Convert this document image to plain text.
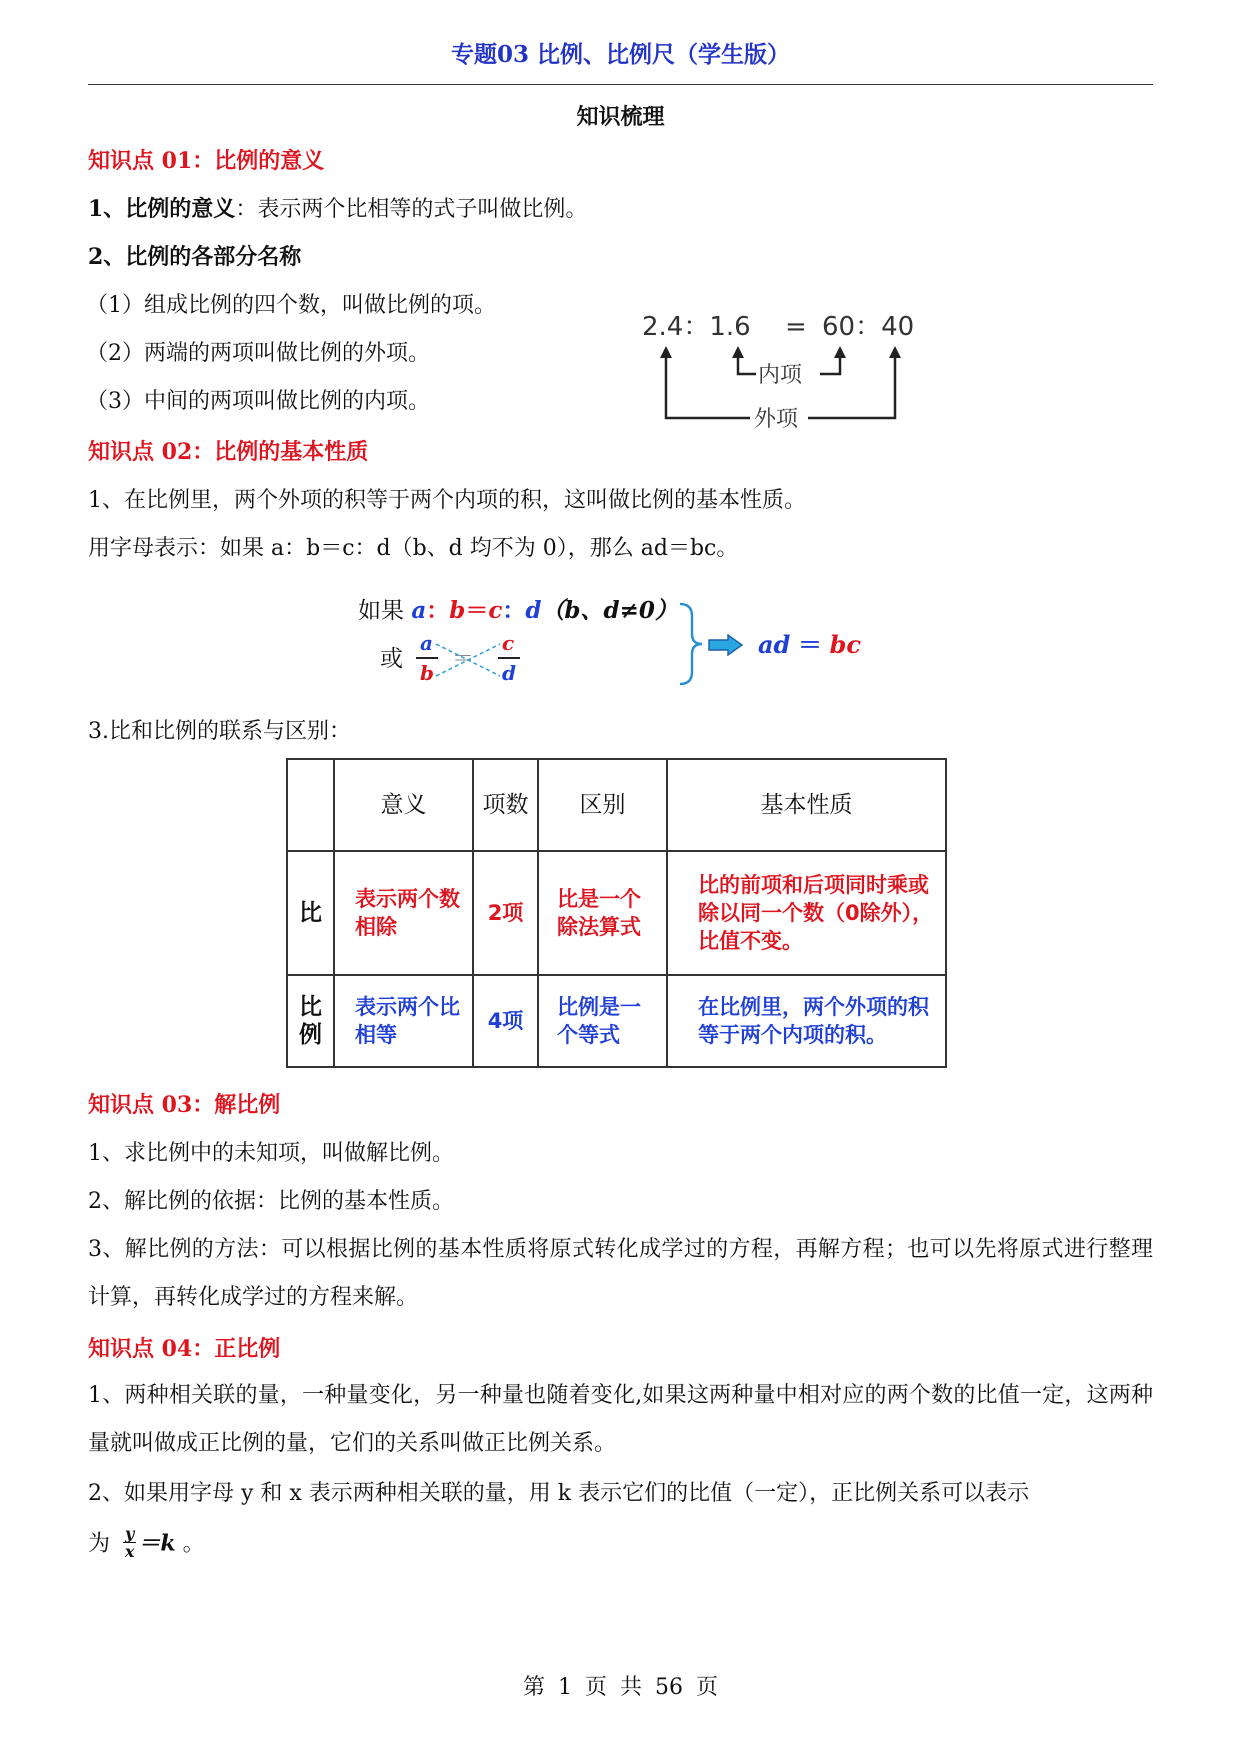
专题03 比例、比例尺（学生版）
知识梳理
知识点 01：比例的意义
1、比例的意义：表示两个比相等的式子叫做比例。
2、比例的各部分名称
（1）组成比例的四个数，叫做比例的项。
（2）两端的两项叫做比例的外项。
（3）中间的两项叫做比例的内项。
2.4：1.6 = 60：40
内项
外项
知识点 02：比例的基本性质
1、在比例里，两个外项的积等于两个内项的积，这叫做比例的基本性质。
用字母表示：如果 a：b＝c：d（b、d 均不为 0），那么 ad＝bc。
如果 a：b＝c：d（b、d≠0）
或
a
b
＝
c
d
ad ＝ bc
3.比和比例的联系与区别：
	意义	项数	区别	基本性质
比	表示两个数相除	2项	比是一个除法算式	比的前项和后项同时乘或除以同一个数（0除外），比值不变。
比例	表示两个比相等	4项	比例是一个等式	在比例里，两个外项的积等于两个内项的积。
知识点 03：解比例
1、求比例中的未知项，叫做解比例。
2、解比例的依据：比例的基本性质。
3、解比例的方法：可以根据比例的基本性质将原式转化成学过的方程，再解方程；也可以先将原式进行整理计算，再转化成学过的方程来解。
知识点 04：正比例
1、两种相关联的量，一种量变化，另一种量也随着变化,如果这两种量中相对应的两个数的比值一定，这两种量就叫做成正比例的量，它们的关系叫做正比例关系。
2、如果用字母 y 和 x 表示两种相关联的量，用 k 表示它们的比值（一定），正比例关系可以表示
为 $\frac{y}{x} =k$ 。
第 1 页 共 56 页
